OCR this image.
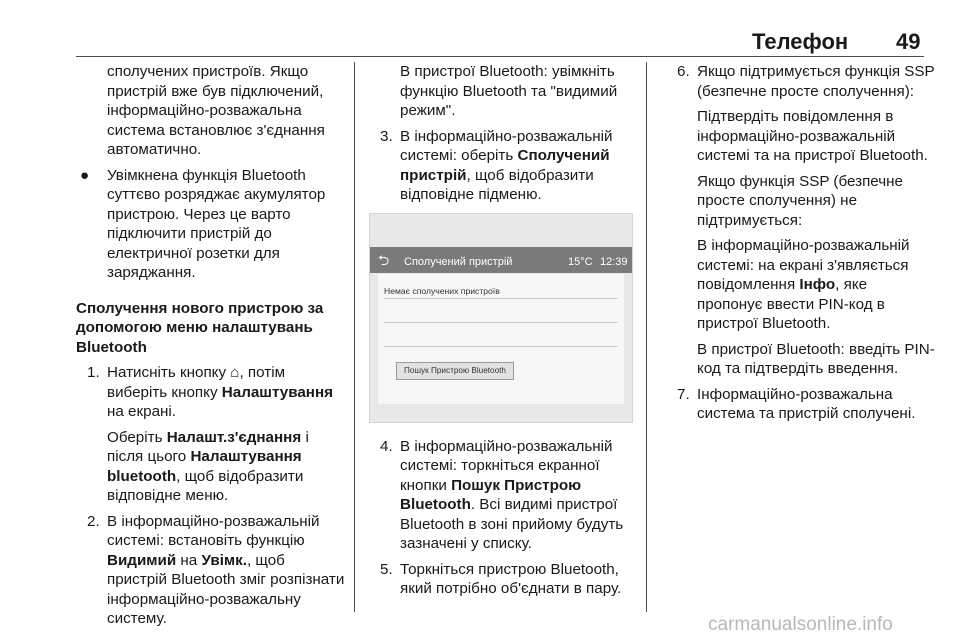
Телефон 49
сполучених пристроїв. Якщо пристрій вже був підключений, інформаційно-розважальна система встановлює з'єднання автоматично.
● Увімкнена функція Bluetooth суттєво розряджає акумулятор пристрою. Через це варто підключити пристрій до електричної розетки для заряджання.
Сполучення нового пристрою за допомогою меню налаштувань Bluetooth
1. Натисніть кнопку ⌂, потім виберіть кнопку Налаштування на екрані.
Оберіть Налашт.з'єднання і після цього Налаштування bluetooth, щоб відобразити відповідне меню.
2. В інформаційно-розважальній системі: встановіть функцію Видимий на Увімк., щоб пристрій Bluetooth зміг розпізнати інформаційно-розважальну систему.
В пристрої Bluetooth: увімкніть функцію Bluetooth та "видимий режим".
3. В інформаційно-розважальній системі: оберіть Сполучений пристрій, щоб відобразити відповідне підменю.
⮌ Сполучений пристрій	15°C 12:39
Немає сполучених пристроїв
Пошук Пристрою Bluetooth
4. В інформаційно-розважальній системі: торкніться екранної кнопки Пошук Пристрою Bluetooth. Всі видимі пристрої Bluetooth в зоні прийому будуть зазначені у списку.
5. Торкніться пристрою Bluetooth, який потрібно об'єднати в пару.
6. Якщо підтримується функція SSP (безпечне просте сполучення):
Підтвердіть повідомлення в інформаційно-розважальній системі та на пристрої Bluetooth.
Якщо функція SSP (безпечне просте сполучення) не підтримується:
В інформаційно-розважальній системі: на екрані з'являється повідомлення Інфо, яке пропонує ввести PIN-код в пристрої Bluetooth.
В пристрої Bluetooth: введіть PIN-код та підтвердіть введення.
7. Інформаційно-розважальна система та пристрій сполучені.
carmanualsonline.info
